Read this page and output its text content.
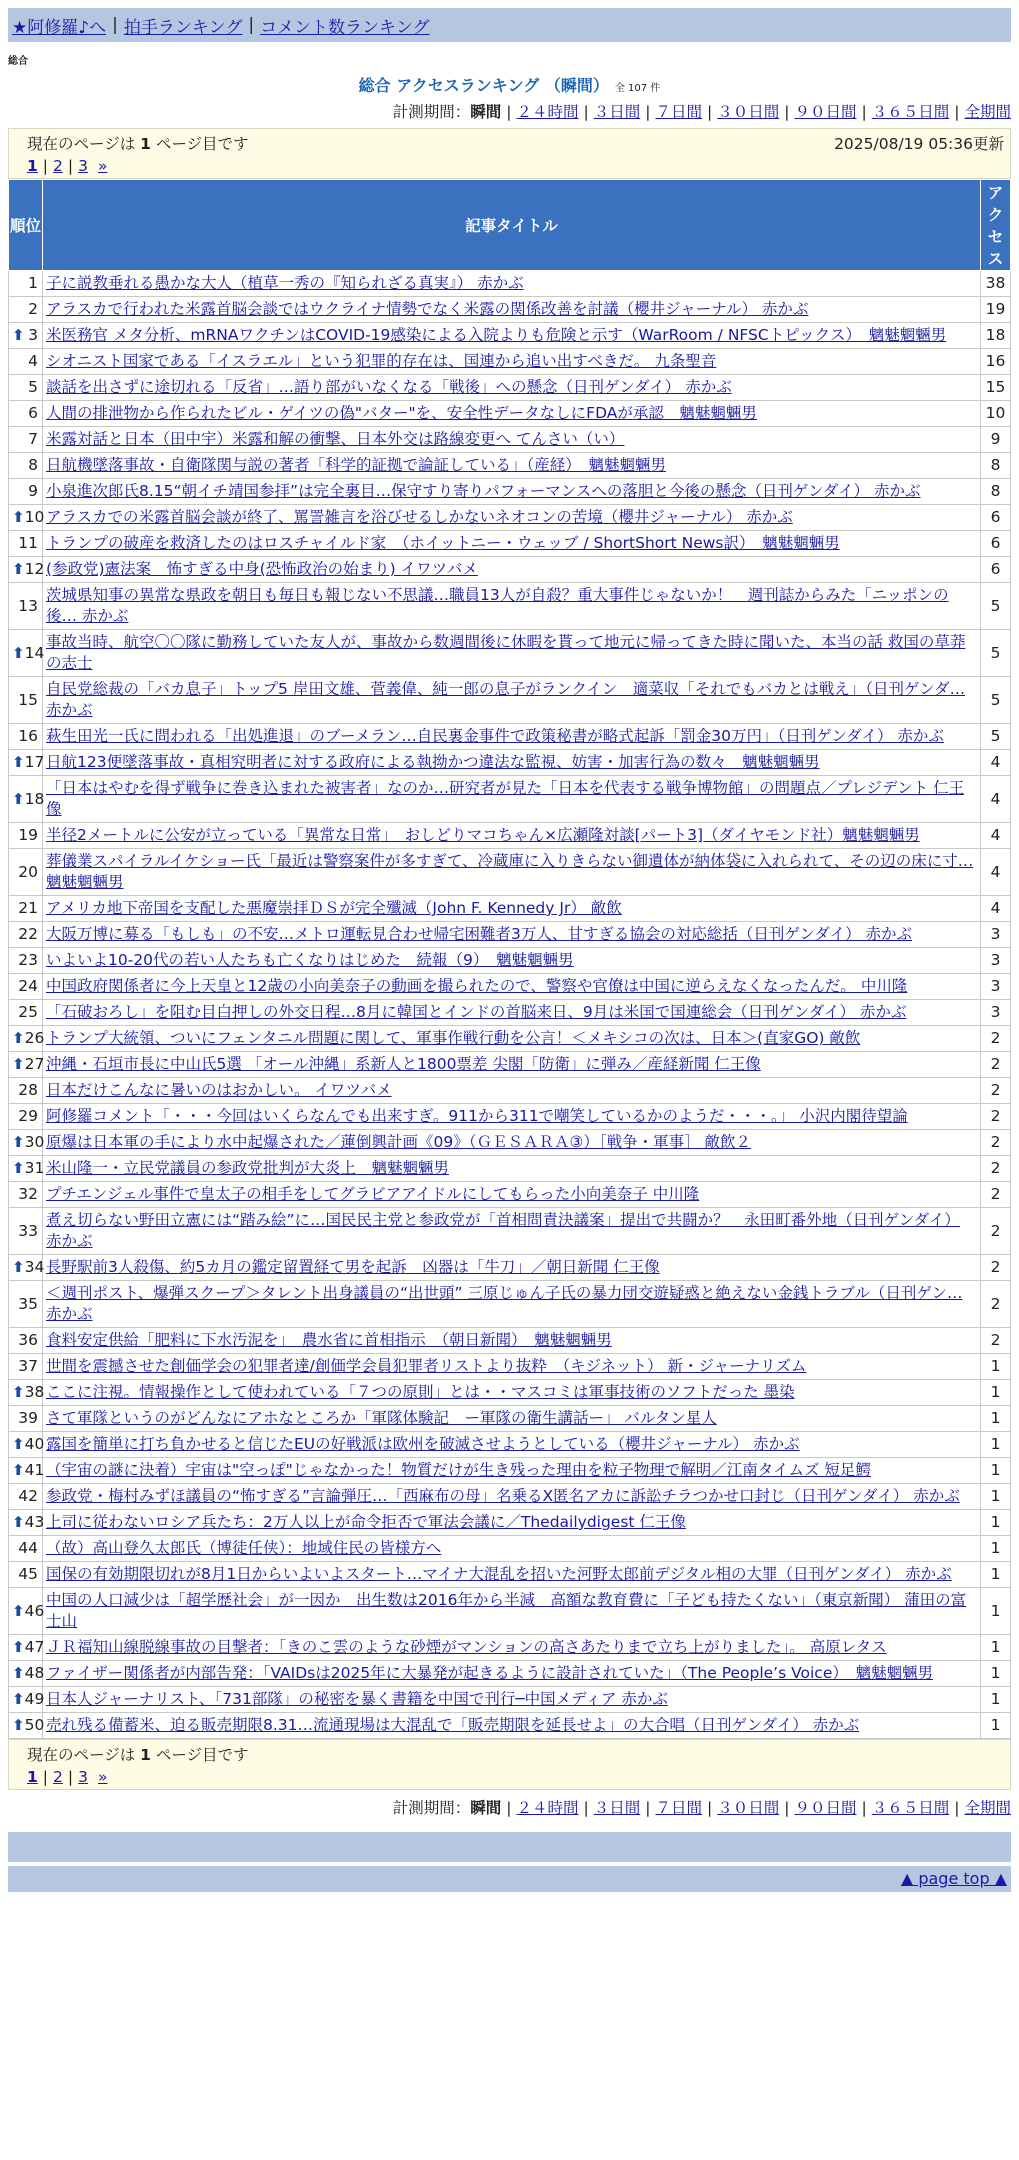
★阿修羅♪へ | 拍手ランキング | コメント数ランキング
総合
総合 アクセスランキング （瞬間） 全 107 件
計測期間：瞬間 | ２４時間 | ３日間 | ７日間 | ３０日間 | ９０日間 | ３６５日間 | 全期間
現在のページは 1 ページ目です	2025/08/19 05:36更新
1 | 2 | 3 »
順位	記事タイトル	アクセス
1	子に説教垂れる愚かな大人（植草一秀の『知られざる真実』） 赤かぶ	38
2	アラスカで行われた米露首脳会談ではウクライナ情勢でなく米露の関係改善を討議（櫻井ジャーナル） 赤かぶ	19

⬆ 3	米医務官 メタ分析、mRNAワクチンはCOVID-19感染による入院よりも危険と示す（WarRoom / NFSCトピックス）　魑魅魍魎男	18
4	シオニスト国家である「イスラエル」という犯罪的存在は、国連から追い出すべきだ。 九条聖音	16
5	談話を出さずに途切れる「反省」…語り部がいなくなる「戦後」への懸念（日刊ゲンダイ） 赤かぶ	15
6	人間の排泄物から作られたビル・ゲイツの偽"バター"を、安全性データなしにFDAが承認　魑魅魍魎男	10
7	米露対話と日本（田中宇）米露和解の衝撃、日本外交は路線変更へ てんさい（い）	9
8	日航機墜落事故・自衛隊関与説の著者「科学的証拠で論証している」（産経）　魑魅魍魎男	8
9	小泉進次郎氏8.15“朝イチ靖国参拝”は完全裏目…保守すり寄りパフォーマンスへの落胆と今後の懸念（日刊ゲンダイ） 赤かぶ	8

⬆ 10	アラスカでの米露首脳会談が終了、罵詈雑言を浴びせるしかないネオコンの苦境（櫻井ジャーナル） 赤かぶ	6
11	トランプの破産を救済したのはロスチャイルド家　（ホイットニー・ウェッブ / ShortShort News訳）　魑魅魍魎男	6

⬆ 12	(参政党)憲法案　怖すぎる中身(恐怖政治の始まり) イワツバメ	6
13	茨城県知事の異常な県政を朝日も毎日も報じない不思議…職員13人が自殺？重大事件じゃないか！　週刊誌からみた「ニッポンの後… 赤かぶ	5

⬆ 14	事故当時、航空〇〇隊に勤務していた友人が、事故から数週間後に休暇を貰って地元に帰ってきた時に聞いた、本当の話 救国の草莽の志士	5
15	自民党総裁の「バカ息子」トップ5 岸田文雄、菅義偉、純一郎の息子がランクイン　適菜収「それでもバカとは戦え」（日刊ゲンダ… 赤かぶ	5
16	萩生田光一氏に問われる「出処進退」のブーメラン…自民裏金事件で政策秘書が略式起訴「罰金30万円」（日刊ゲンダイ） 赤かぶ	5

⬆ 17	日航123便墜落事故・真相究明者に対する政府による執拗かつ違法な監視、妨害・加害行為の数々　魑魅魍魎男	4

⬆ 18	「日本はやむを得ず戦争に巻き込まれた被害者」なのか…研究者が見た「日本を代表する戦争博物館」の問題点／プレジデント 仁王像	4
19	半径2メートルに公安が立っている「異常な日常」　おしどりマコちゃん×広瀬隆対談[パート3]（ダイヤモンド社）魑魅魍魎男	4
20	葬儀業スパイラルイケショー氏「最近は警察案件が多すぎて、冷蔵庫に入りきらない御遺体が納体袋に入れられて、その辺の床に寸… 魑魅魍魎男	4
21	アメリカ地下帝国を支配した悪魔崇拝ＤＳが完全殲滅（John F. Kennedy Jr） 敵飲	4
22	大阪万博に募る「もしも」の不安…メトロ運転見合わせ帰宅困難者3万人、甘すぎる協会の対応総括（日刊ゲンダイ） 赤かぶ	3
23	いよいよ10-20代の若い人たちも亡くなりはじめた　続報（9）　魑魅魍魎男	3
24	中国政府関係者に今上天皇と12歳の小向美奈子の動画を撮られたので、警察や官僚は中国に逆らえなくなったんだ。 中川隆	3
25	「石破おろし」を阻む目白押しの外交日程…8月に韓国とインドの首脳来日、9月は米国で国連総会（日刊ゲンダイ） 赤かぶ	3

⬆ 26	トランプ大統領、ついにフェンタニル問題に関して、軍事作戦行動を公言！＜メキシコの次は、日本＞(直家GO) 敵飲	2

⬆ 27	沖縄・石垣市長に中山氏5選 「オール沖縄」系新人と1800票差 尖閣「防衛」に弾み／産経新聞 仁王像	2
28	日本だけこんなに暑いのはおかしい。 イワツバメ	2
29	阿修羅コメント「・・・今回はいくらなんでも出来すぎ。911から311で嘲笑しているかのようだ・・・。」 小沢内閣待望論	2

⬆ 30	原爆は日本軍の手により水中起爆された／蓮倒興計画《09》（ＧＥＳＡＲＡ③）［戦争・軍事］ 敵飲２	2

⬆ 31	米山隆一・立民党議員の参政党批判が大炎上　魑魅魍魎男	2
32	プチエンジェル事件で皇太子の相手をしてグラビアアイドルにしてもらった小向美奈子 中川隆	2
33	煮え切らない野田立憲には“踏み絵”に…国民民主党と参政党が「首相問責決議案」提出で共闘か？　永田町番外地（日刊ゲンダイ） 赤かぶ	2

⬆ 34	長野駅前3人殺傷、約5カ月の鑑定留置経て男を起訴　凶器は「牛刀」／朝日新聞 仁王像	2
35	＜週刊ポスト、爆弾スクープ＞タレント出身議員の“出世頭” 三原じゅん子氏の暴力団交遊疑惑と絶えない金銭トラブル（日刊ゲン… 赤かぶ	2
36	食料安定供給「肥料に下水汚泥を」　農水省に首相指示　（朝日新聞）　魑魅魍魎男	2
37	世間を震撼させた創価学会の犯罪者達/創価学会員犯罪者リストより抜粋　（キジネット） 新・ジャーナリズム	1

⬆ 38	ここに注視。情報操作として使われている「７つの原則」とは・・マスコミは軍事技術のソフトだった 墨染	1
39	さて軍隊というのがどんなにアホなところか「軍隊体験記　ー軍隊の衛生講話ー」 バルタン星人	1

⬆ 40	露国を簡単に打ち負かせると信じたEUの好戦派は欧州を破滅させようとしている（櫻井ジャーナル） 赤かぶ	1

⬆ 41	（宇宙の謎に決着）宇宙は"空っぽ"じゃなかった！物質だけが生き残った理由を粒子物理で解明／江南タイムズ 短足鰐	1
42	参政党・梅村みずほ議員の“怖すぎる”言論弾圧…「西麻布の母」名乗るX匿名アカに訴訟チラつかせ口封じ（日刊ゲンダイ） 赤かぶ	1

⬆ 43	上司に従わないロシア兵たち：2万人以上が命令拒否で軍法会議に／Thedailydigest 仁王像	1
44	（故）高山登久太郎氏（博徒任侠）：地域住民の皆様方へ	1
45	国保の有効期限切れが8月1日からいよいよスタート…マイナ大混乱を招いた河野太郎前デジタル相の大罪（日刊ゲンダイ） 赤かぶ	1

⬆ 46	中国の人口減少は「超学歴社会」が一因か　出生数は2016年から半減　高額な教育費に「子ども持たくない」（東京新聞） 蒲田の富士山	1

⬆ 47	ＪＲ福知山線脱線事故の目撃者：「きのこ雲のような砂煙がマンションの高さあたりまで立ち上がりました」。 高原レタス	1

⬆ 48	ファイザー関係者が内部告発：「VAIDsは2025年に大暴発が起きるように設計されていた」（The People’s Voice）　魑魅魍魎男	1

⬆ 49	日本人ジャーナリスト、「731部隊」の秘密を暴く書籍を中国で刊行─中国メディア 赤かぶ	1

⬆ 50	売れ残る備蓄米、迫る販売期限8.31…流通現場は大混乱で「販売期限を延長せよ」の大合唱（日刊ゲンダイ） 赤かぶ	1
現在のページは 1 ページ目です
1 | 2 | 3 »
計測期間：瞬間 | ２４時間 | ３日間 | ７日間 | ３０日間 | ９０日間 | ３６５日間 | 全期間
▲ page top ▲
